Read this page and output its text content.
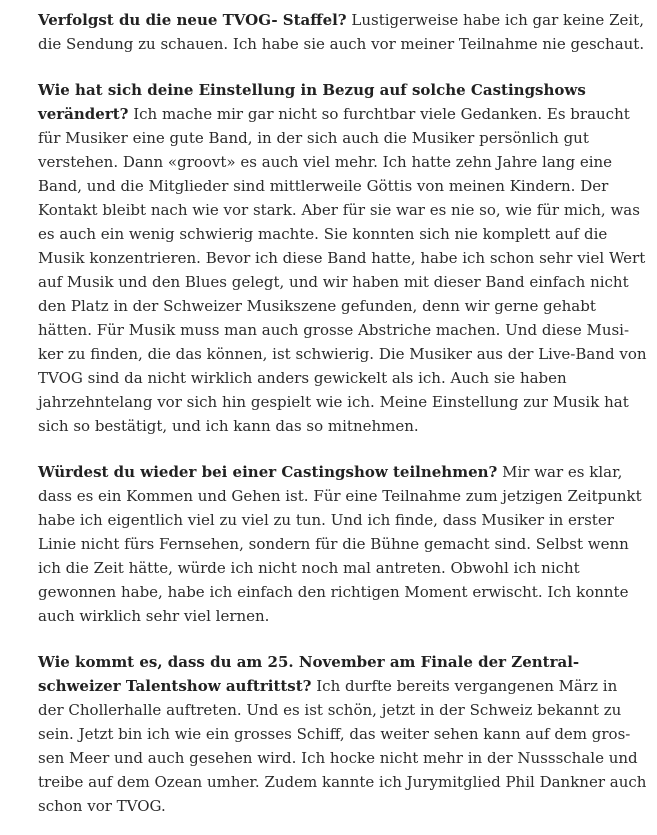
Verfolgst du die neue TVOG- Staffel? Lustigerweise habe ich gar keine Zeit, die Sendung zu schauen. Ich habe sie auch vor meiner Teilnahme nie geschaut.

Wie hat sich deine Einstellung in Bezug auf solche Castingshows verändert? Ich mache mir gar nicht so furchtbar viele Gedanken. Es braucht für Musiker eine gute Band, in der sich auch die Musiker persönlich gut verstehen. Dann «groovt» es auch viel mehr. Ich hatte zehn Jahre lang eine Band, und die Mitglieder sind mittlerweile Göttis von meinen Kindern. Der Kontakt bleibt nach wie vor stark. Aber für sie war es nie so, wie für mich, was es auch ein wenig schwierig machte. Sie konnten sich nie komplett auf die Musik konzentrieren. Bevor ich diese Band hatte, habe ich schon sehr viel Wert auf Musik und den Blues gelegt, und wir haben mit dieser Band einfach nicht den Platz in der Schweizer Musikszene gefunden, denn wir gerne gehabt hätten. Für Musik muss man auch grosse Abstriche machen. Und diese Musiker zu finden, die das können, ist schwierig. Die Musiker aus der Live-Band von TVOG sind da nicht wirklich anders gewickelt als ich. Auch sie haben jahrzehntelang vor sich hin gespielt wie ich. Meine Einstellung zur Musik hat sich so bestätigt, und ich kann das so mitnehmen.

Würdest du wieder bei einer Castingshow teilnehmen? Mir war es klar, dass es ein Kommen und Gehen ist. Für eine Teilnahme zum jetzigen Zeitpunkt habe ich eigentlich viel zu viel zu tun. Und ich finde, dass Musiker in erster Linie nicht fürs Fernsehen, sondern für die Bühne gemacht sind. Selbst wenn ich die Zeit hätte, würde ich nicht noch mal antreten. Obwohl ich nicht gewonnen habe, habe ich einfach den richtigen Moment erwischt. Ich konnte auch wirklich sehr viel lernen.

Wie kommt es, dass du am 25. November am Finale der Zentralschweizer Talentshow auftrittst? Ich durfte bereits vergangenen März in der Chollerhalle auftreten. Und es ist schön, jetzt in der Schweiz bekannt zu sein. Jetzt bin ich wie ein grosses Schiff, das weiter sehen kann auf dem grossen Meer und auch gesehen wird. Ich hocke nicht mehr in der Nussschale und treibe auf dem Ozean umher. Zudem kannte ich Jurymitglied Phil Dankner auch schon vor TVOG.
